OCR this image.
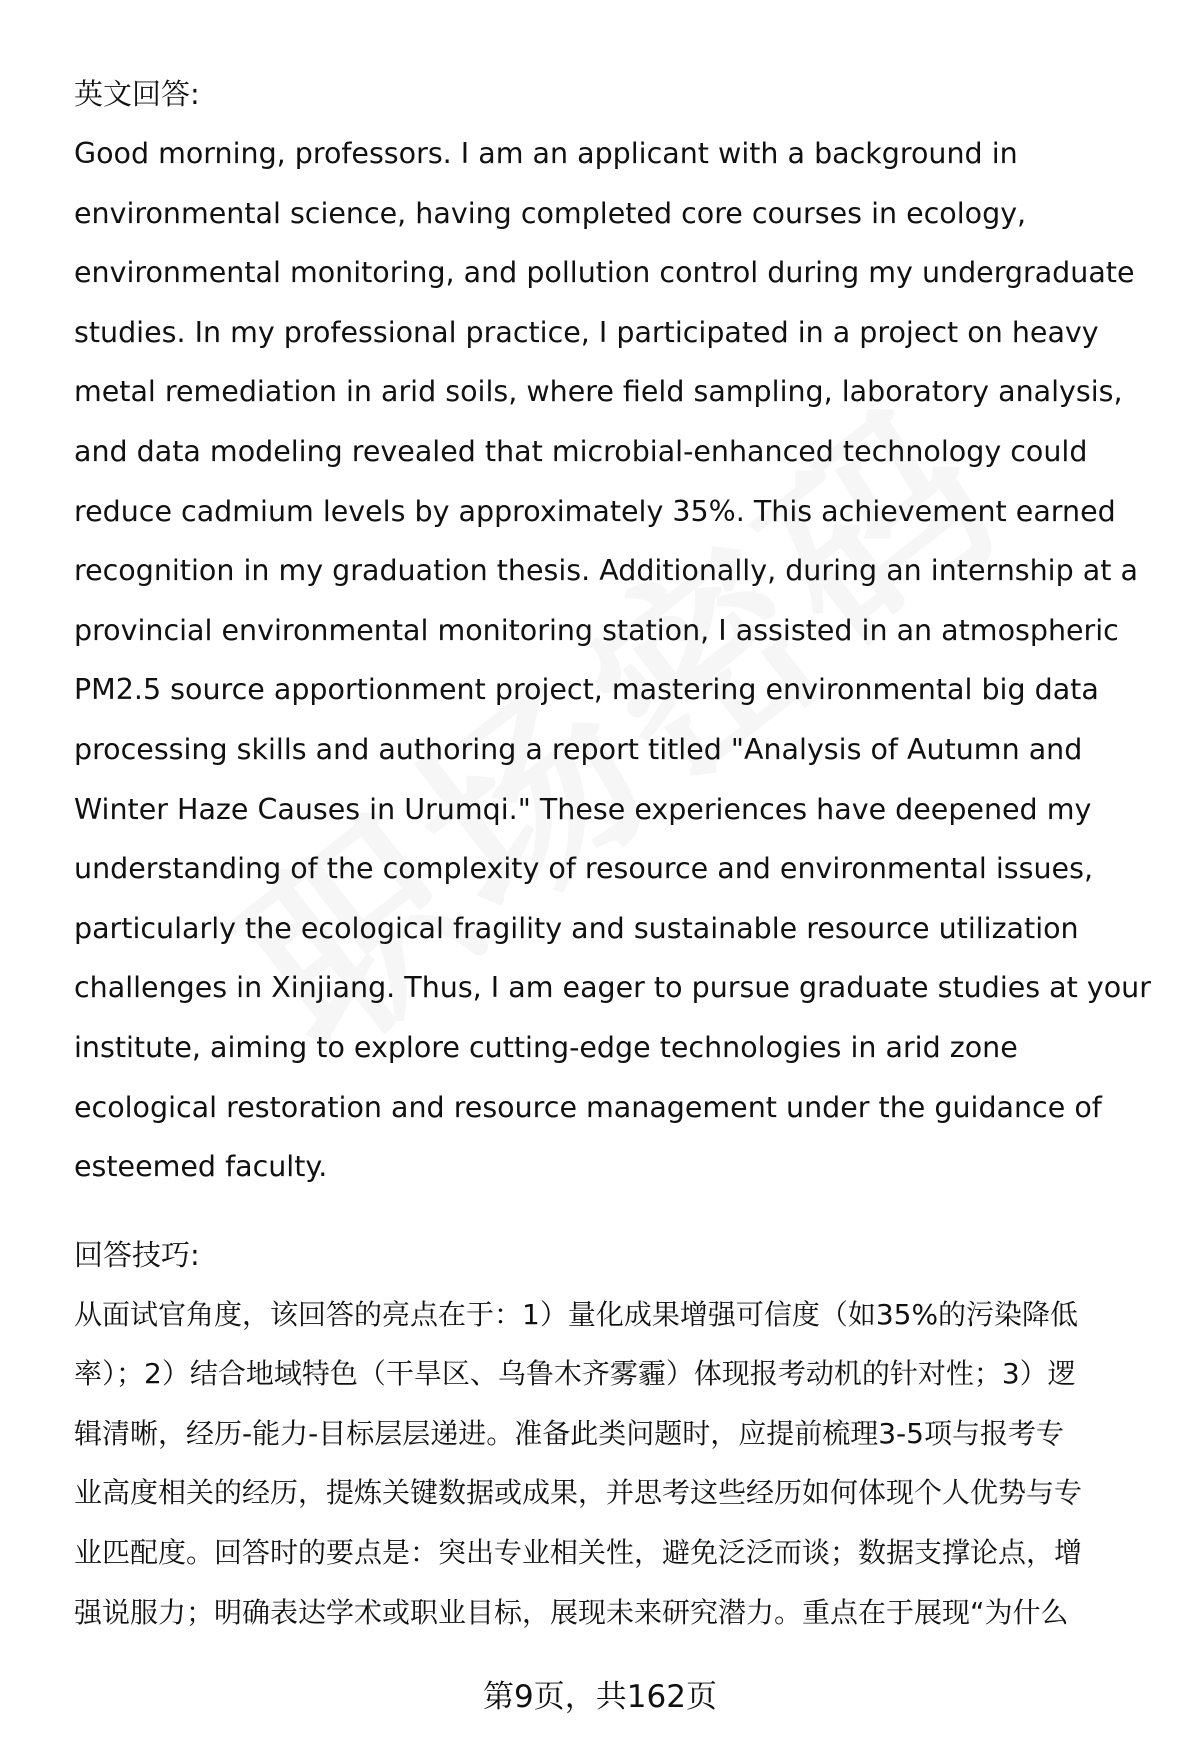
英文回答:
Good morning, professors. I am an applicant with a background in
environmental science, having completed core courses in ecology,
environmental monitoring, and pollution control during my undergraduate
studies. In my professional practice, I participated in a project on heavy
metal remediation in arid soils, where field sampling, laboratory analysis,
and data modeling revealed that microbial-enhanced technology could
reduce cadmium levels by approximately 35%. This achievement earned
recognition in my graduation thesis. Additionally, during an internship at a
provincial environmental monitoring station, I assisted in an atmospheric
PM2.5 source apportionment project, mastering environmental big data
processing skills and authoring a report titled "Analysis of Autumn and
Winter Haze Causes in Urumqi." These experiences have deepened my
understanding of the complexity of resource and environmental issues,
particularly the ecological fragility and sustainable resource utilization
challenges in Xinjiang. Thus, I am eager to pursue graduate studies at your
institute, aiming to explore cutting-edge technologies in arid zone
ecological restoration and resource management under the guidance of
esteemed faculty.
回答技巧:
从面试官角度，该回答的亮点在于：1）量化成果增强可信度（如35%的污染降低
率）；2）结合地域特色（干旱区、乌鲁木齐雾霾）体现报考动机的针对性；3）逻
辑清晰，经历-能力-目标层层递进。准备此类问题时，应提前梳理3-5项与报考专
业高度相关的经历，提炼关键数据或成果，并思考这些经历如何体现个人优势与专
业匹配度。回答时的要点是：突出专业相关性，避免泛泛而谈；数据支撑论点，增
强说服力；明确表达学术或职业目标，展现未来研究潜力。重点在于展现“为什么
第9页，共162页
